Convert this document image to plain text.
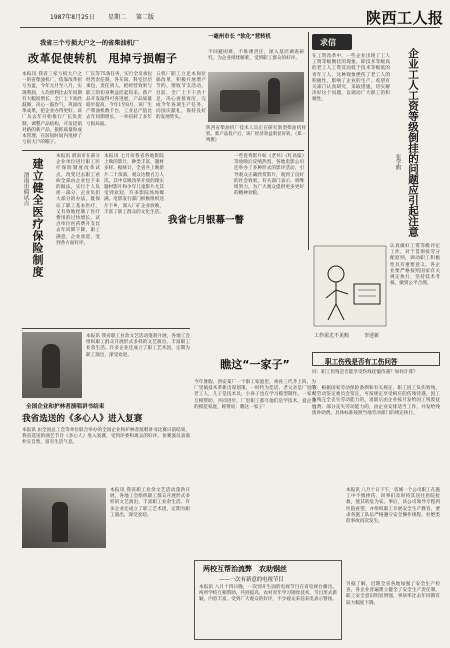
1987年8月25日 星期二 第二版	陕西工人报
我省三个亏损大户之一的省柴油机厂
改革促使转机　甩掉亏损帽子
本报讯 我省三家亏损大户之一的省柴油机厂，依靠改革扭亏为盈，今年元月至八月，实现利润，人均创利比去年同期有大幅度增长，全厂上下欢欣鼓舞，决心一鼓作气，巩固改革成果，把企业办得更好。该厂从去年开始推行厂长负责制，调整产品结构，开发适销对路的新产品，狠抓质量和成本管理，在较短时间内甩掉了亏损大户的帽子。
厂长等75条任务，实行全员承包经营责任制，各车间、科室层层承包，责任到人，把经营效果与职工的切身利益挂起钩来。新产品开发取得可喜进展，产品质量稳步提高，今年1至8月，该厂生产柴油机数千台，工业总产值比去年同期增长，一举扭转了多年亏损局面。
五机厂职工立足本岗位搞改革，积极开展增产节约、增收节支活动。目前，全厂上下干劲十足，决心再接再厉，完成今年各项生产任务，向国庆献礼，保持良好的发展势头。
一毫州市长 “软化”营转机
不回避困难，不推诿责任，深入基层调查研究，为企业排忧解难，受到职工群众的好评。
陕西省柴油机厂技术人员正在研究新型柴油机样机。新产品投产后，该厂经济效益明显好转。（郑一鸣摄）
建立健全医疗保险制度
渭南市搞试点
本报讯 渭南市在部分企业单位进行职工医疗保险制度改革试点，改变过去职工看病全部由企业包下来的做法，实行个人负担一部分、企业负担大部分的办法，既保证了职工基本医疗，又有效地控制了医疗费用的过快增长。试点单位医药费开支比去年同期下降，职工满意，企业欢迎，受到各方面好评。
本报讯 七月份我省各地影院上映的影片，种类丰富，题材多样。据统计，全省共上映新片二十余部，观众达数百万人次。其中反映改革开放的现实题材影片和少年儿童影片尤其受到欢迎，许多影院场场爆满。电影发行部门积极组织送片下乡，深入厂矿企业放映，丰富了职工群众的文化生活。
我省七月银幕一瞥
一些优秀影片如《老井》《红高粱》等放映后反响热烈。各地电影公司还举办了多种形式的影评活动，引导观众正确欣赏影片，收到了良好的社会效果。有关部门表示，将继续努力，为广大观众提供更多更好的精神食粮。
本报讯 我省职工业余文艺活动蓬勃开展，各地工会组织职工群众开展形式多样的文艺演出，丰富职工业余生活。许多企业还成立了职工艺术团，定期为职工演出，深受欢迎。
全国企业和护林者演唱讲书结束
我省选送的《多心人》进入复赛
本报讯 由全国总工会等单位联合举办的全国企业和护林者演唱讲书比赛日前结束，我省选送的曲艺节目《多心人》进入复赛，受到评委和观众的好评。参赛演员表演朴实自然，富有生活气息。
本报讯 我省职工业余文艺活动蓬勃开展，各地工会组织职工群众开展形式多样的文艺演出，丰富职工业余生活。许多企业还成立了职工艺术团，定期为职工演出，深受欢迎。
瞧这“一家子”
今年暑假，西安某厂一个职工家庭里，祖孙三代齐上阵，为厂里搞技术革新出谋划策，一时传为佳话。老父亲是厂里的老工人，儿子是技术员，小孙子也在学习模型制作。一家人互相帮助，共同进步，厂里职工都夸他们是学技术、爱企业的模范家庭，称赞说：瞧这一家子！
两校互帮治流弊　农助钢丝
——一次有新意的电视节目
本报讯 八月十四日晚，一次别开生面的电视节目在省电视台播出。两所学校互相帮助，共同提高，农村青年学习钢丝技术，节目形式新颖，内容丰富，受到广大观众的好评，不少观众来信来电表示赞扬。
求信
企业工人工资等级倒挂的问题应引起注意
张学鸥
在工资改革中，一些企业出现了工人工资等级倒挂的现象，即技术等级高的老工人工资反而低于技术等级低的青年工人，这种现象挫伤了老工人的积极性，影响了企业的生产。希望有关部门认真研究，采取措施，切实解决好这个问题，以调动广大职工的积极性。
认真做好工资等级评定工作，对于贯彻按劳分配原则，调动职工积极性具有重要意义。各企业要严格按照国家有关规定执行，坚持技术考核，做到公平合理。
工作需尤不见购	李述新
职工伤残是否有工伤问答
问：职工伤残是否能享受伤残抚恤待遇？如何计算？
答：根据国家劳动保险条例和有关规定，职工因工负伤致残，经劳动鉴定委员会鉴定，可按规定享受相应的伤残待遇。因工致残完全丧失劳动能力的，退职后由企业按月发给因工残废抚恤费；部分丧失劳动能力的，由企业安排适当工作，并发给残废补助费。具体标准按照当地劳动部门的规定执行。
本报讯 八月十日下午，省城一个公司职工在施工中不慎摔伤，同事们及时将其送往医院抢救，使其转危为安。事后，该公司领导专程到医院看望，并组织职工开展安全生产教育，要求各施工队伍严格遵守安全操作规程，杜绝类似事故再次发生。
另据了解，近期全省各地加强了安全生产检查，各企业普遍建立健全了安全生产责任制，职工安全意识明显增强，事故率比去年同期有较大幅度下降。
